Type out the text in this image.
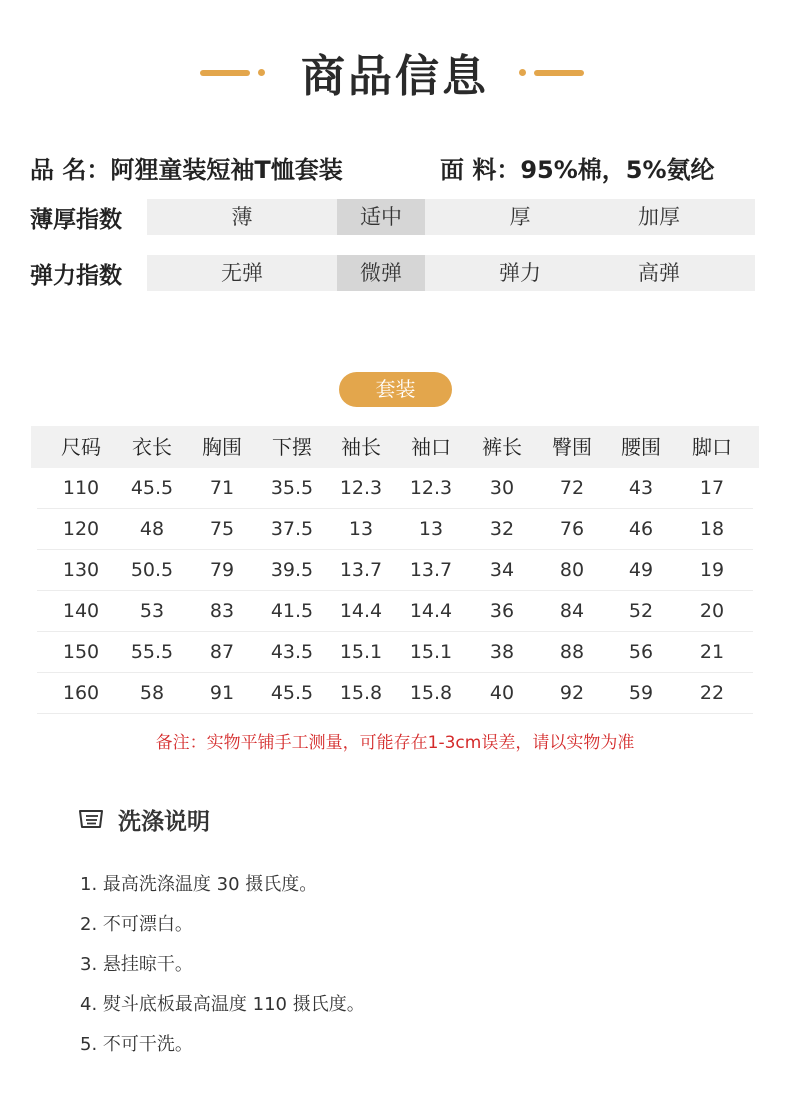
商品信息
品 名：阿狸童装短袖T恤套装	面 料：95%棉，5%氨纶
薄厚指数	薄	适中	厚	加厚
弹力指数	无弹	微弹	弹力	高弹
套装
尺码	衣长	胸围	下摆	袖长	袖口	裤长	臀围	腰围	脚口
110	45.5	71	35.5	12.3	12.3	30	72	43	17
120	48	75	37.5	13	13	32	76	46	18
130	50.5	79	39.5	13.7	13.7	34	80	49	19
140	53	83	41.5	14.4	14.4	36	84	52	20
150	55.5	87	43.5	15.1	15.1	38	88	56	21
160	58	91	45.5	15.8	15.8	40	92	59	22
备注：实物平铺手工测量，可能存在1-3cm误差，请以实物为准
洗涤说明
1. 最高洗涤温度 30 摄氏度。
2. 不可漂白。
3. 悬挂晾干。
4. 熨斗底板最高温度 110 摄氏度。
5. 不可干洗。
